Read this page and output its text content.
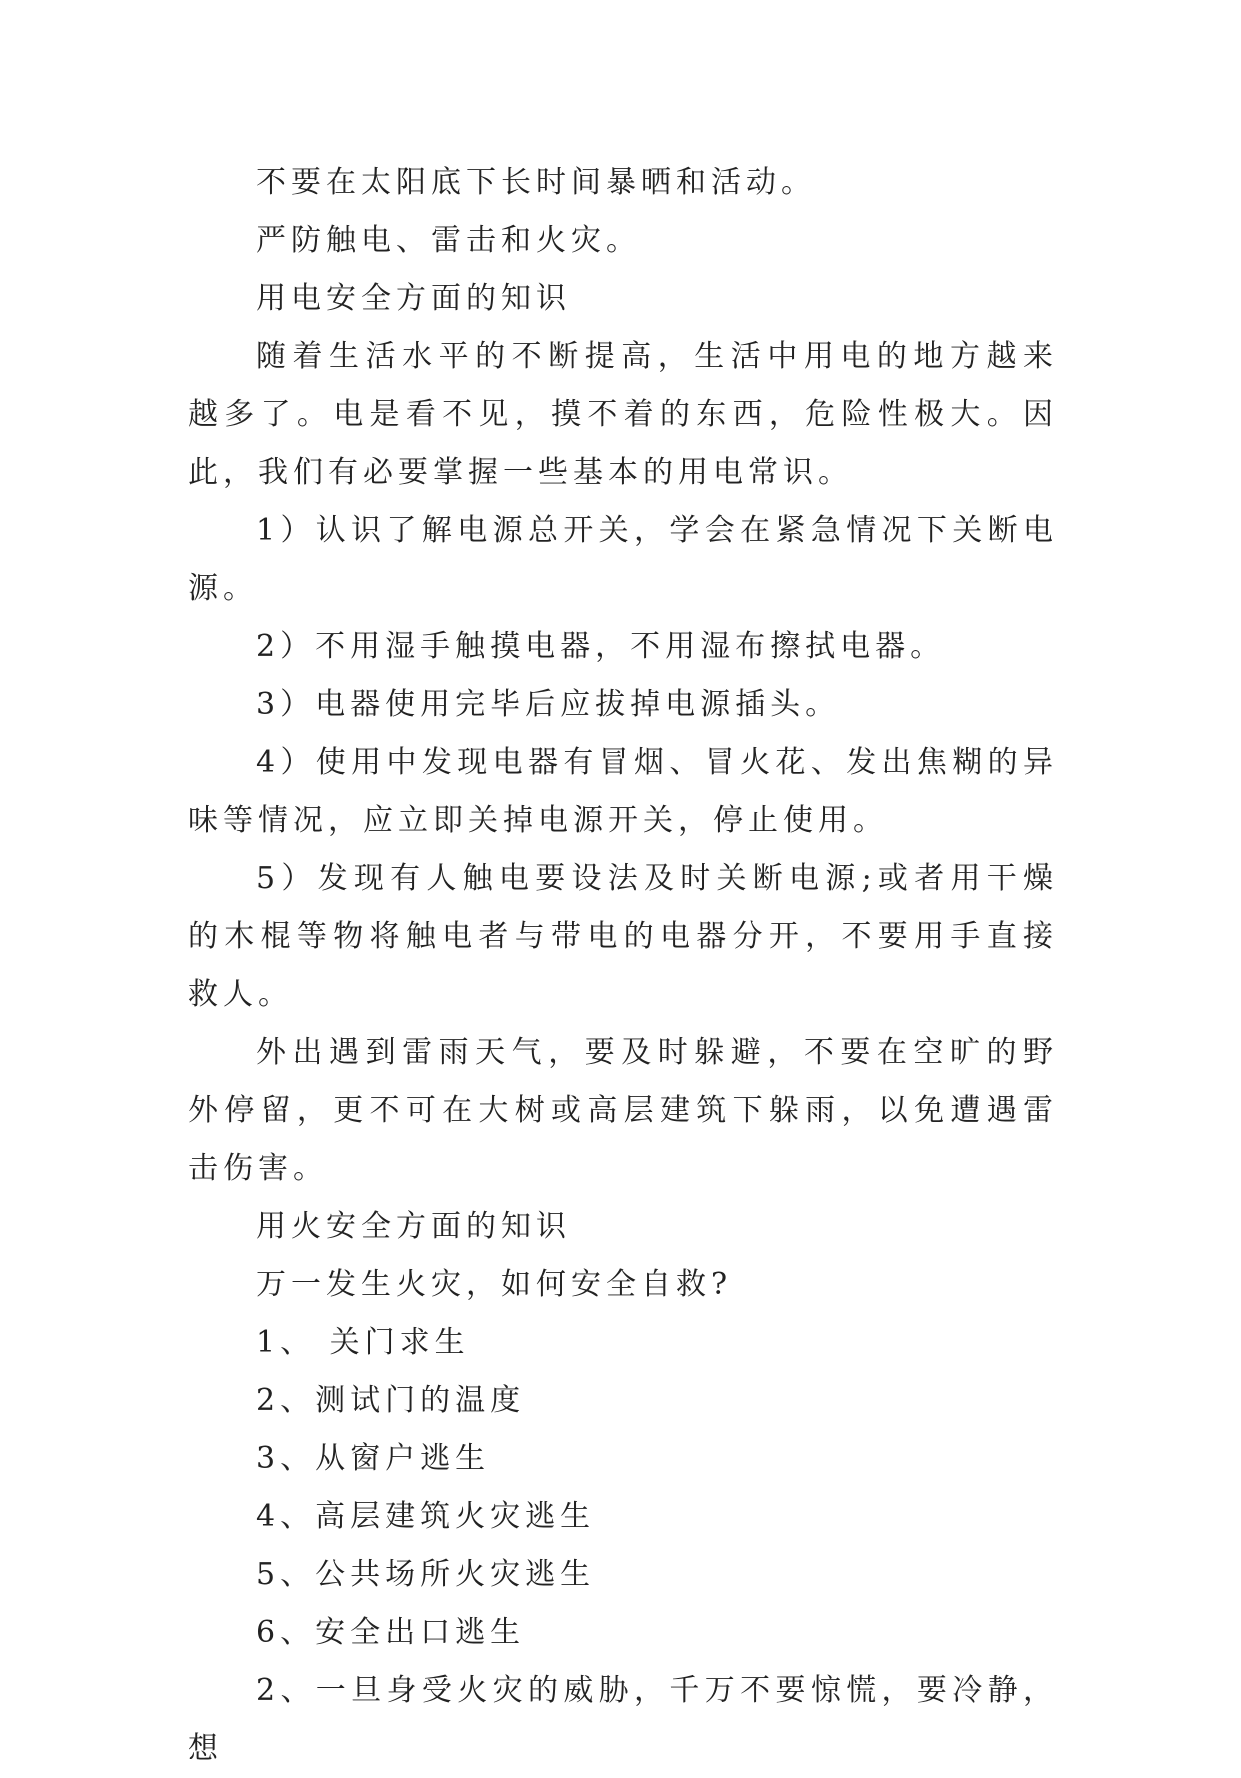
不要在太阳底下长时间暴晒和活动。

严防触电、雷击和火灾。

用电安全方面的知识

随着生活水平的不断提高，生活中用电的地方越来越多了。电是看不见，摸不着的东西，危险性极大。因此，我们有必要掌握一些基本的用电常识。

1）认识了解电源总开关，学会在紧急情况下关断电源。

2）不用湿手触摸电器，不用湿布擦拭电器。

3）电器使用完毕后应拔掉电源插头。

4）使用中发现电器有冒烟、冒火花、发出焦糊的异味等情况，应立即关掉电源开关，停止使用。

5）发现有人触电要设法及时关断电源;或者用干燥的木棍等物将触电者与带电的电器分开，不要用手直接救人。

外出遇到雷雨天气，要及时躲避，不要在空旷的野外停留，更不可在大树或高层建筑下躲雨，以免遭遇雷击伤害。

用火安全方面的知识

万一发生火灾，如何安全自救?

1、 关门求生

2、测试门的温度

3、从窗户逃生

4、高层建筑火灾逃生

5、公共场所火灾逃生

6、安全出口逃生

2、一旦身受火灾的威胁，千万不要惊慌，要冷静，想
